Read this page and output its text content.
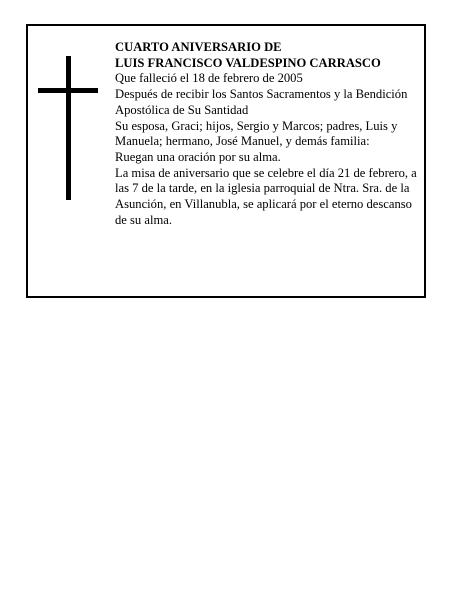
CUARTO ANIVERSARIO DE
LUIS FRANCISCO VALDESPINO CARRASCO

Que falleció el 18 de febrero de 2005

Después de recibir los Santos Sacramentos y la Bendición Apostólica de Su Santidad

Su esposa, Graci; hijos, Sergio y Marcos; padres, Luis y Manuela; hermano, José Manuel, y demás familia:

Ruegan una oración por su alma.

La misa de aniversario que se celebre el día 21 de febrero, a las 7 de la tarde, en la iglesia parroquial de Ntra. Sra. de la Asunción, en Villanubla, se aplicará por el eterno descanso de su alma.
